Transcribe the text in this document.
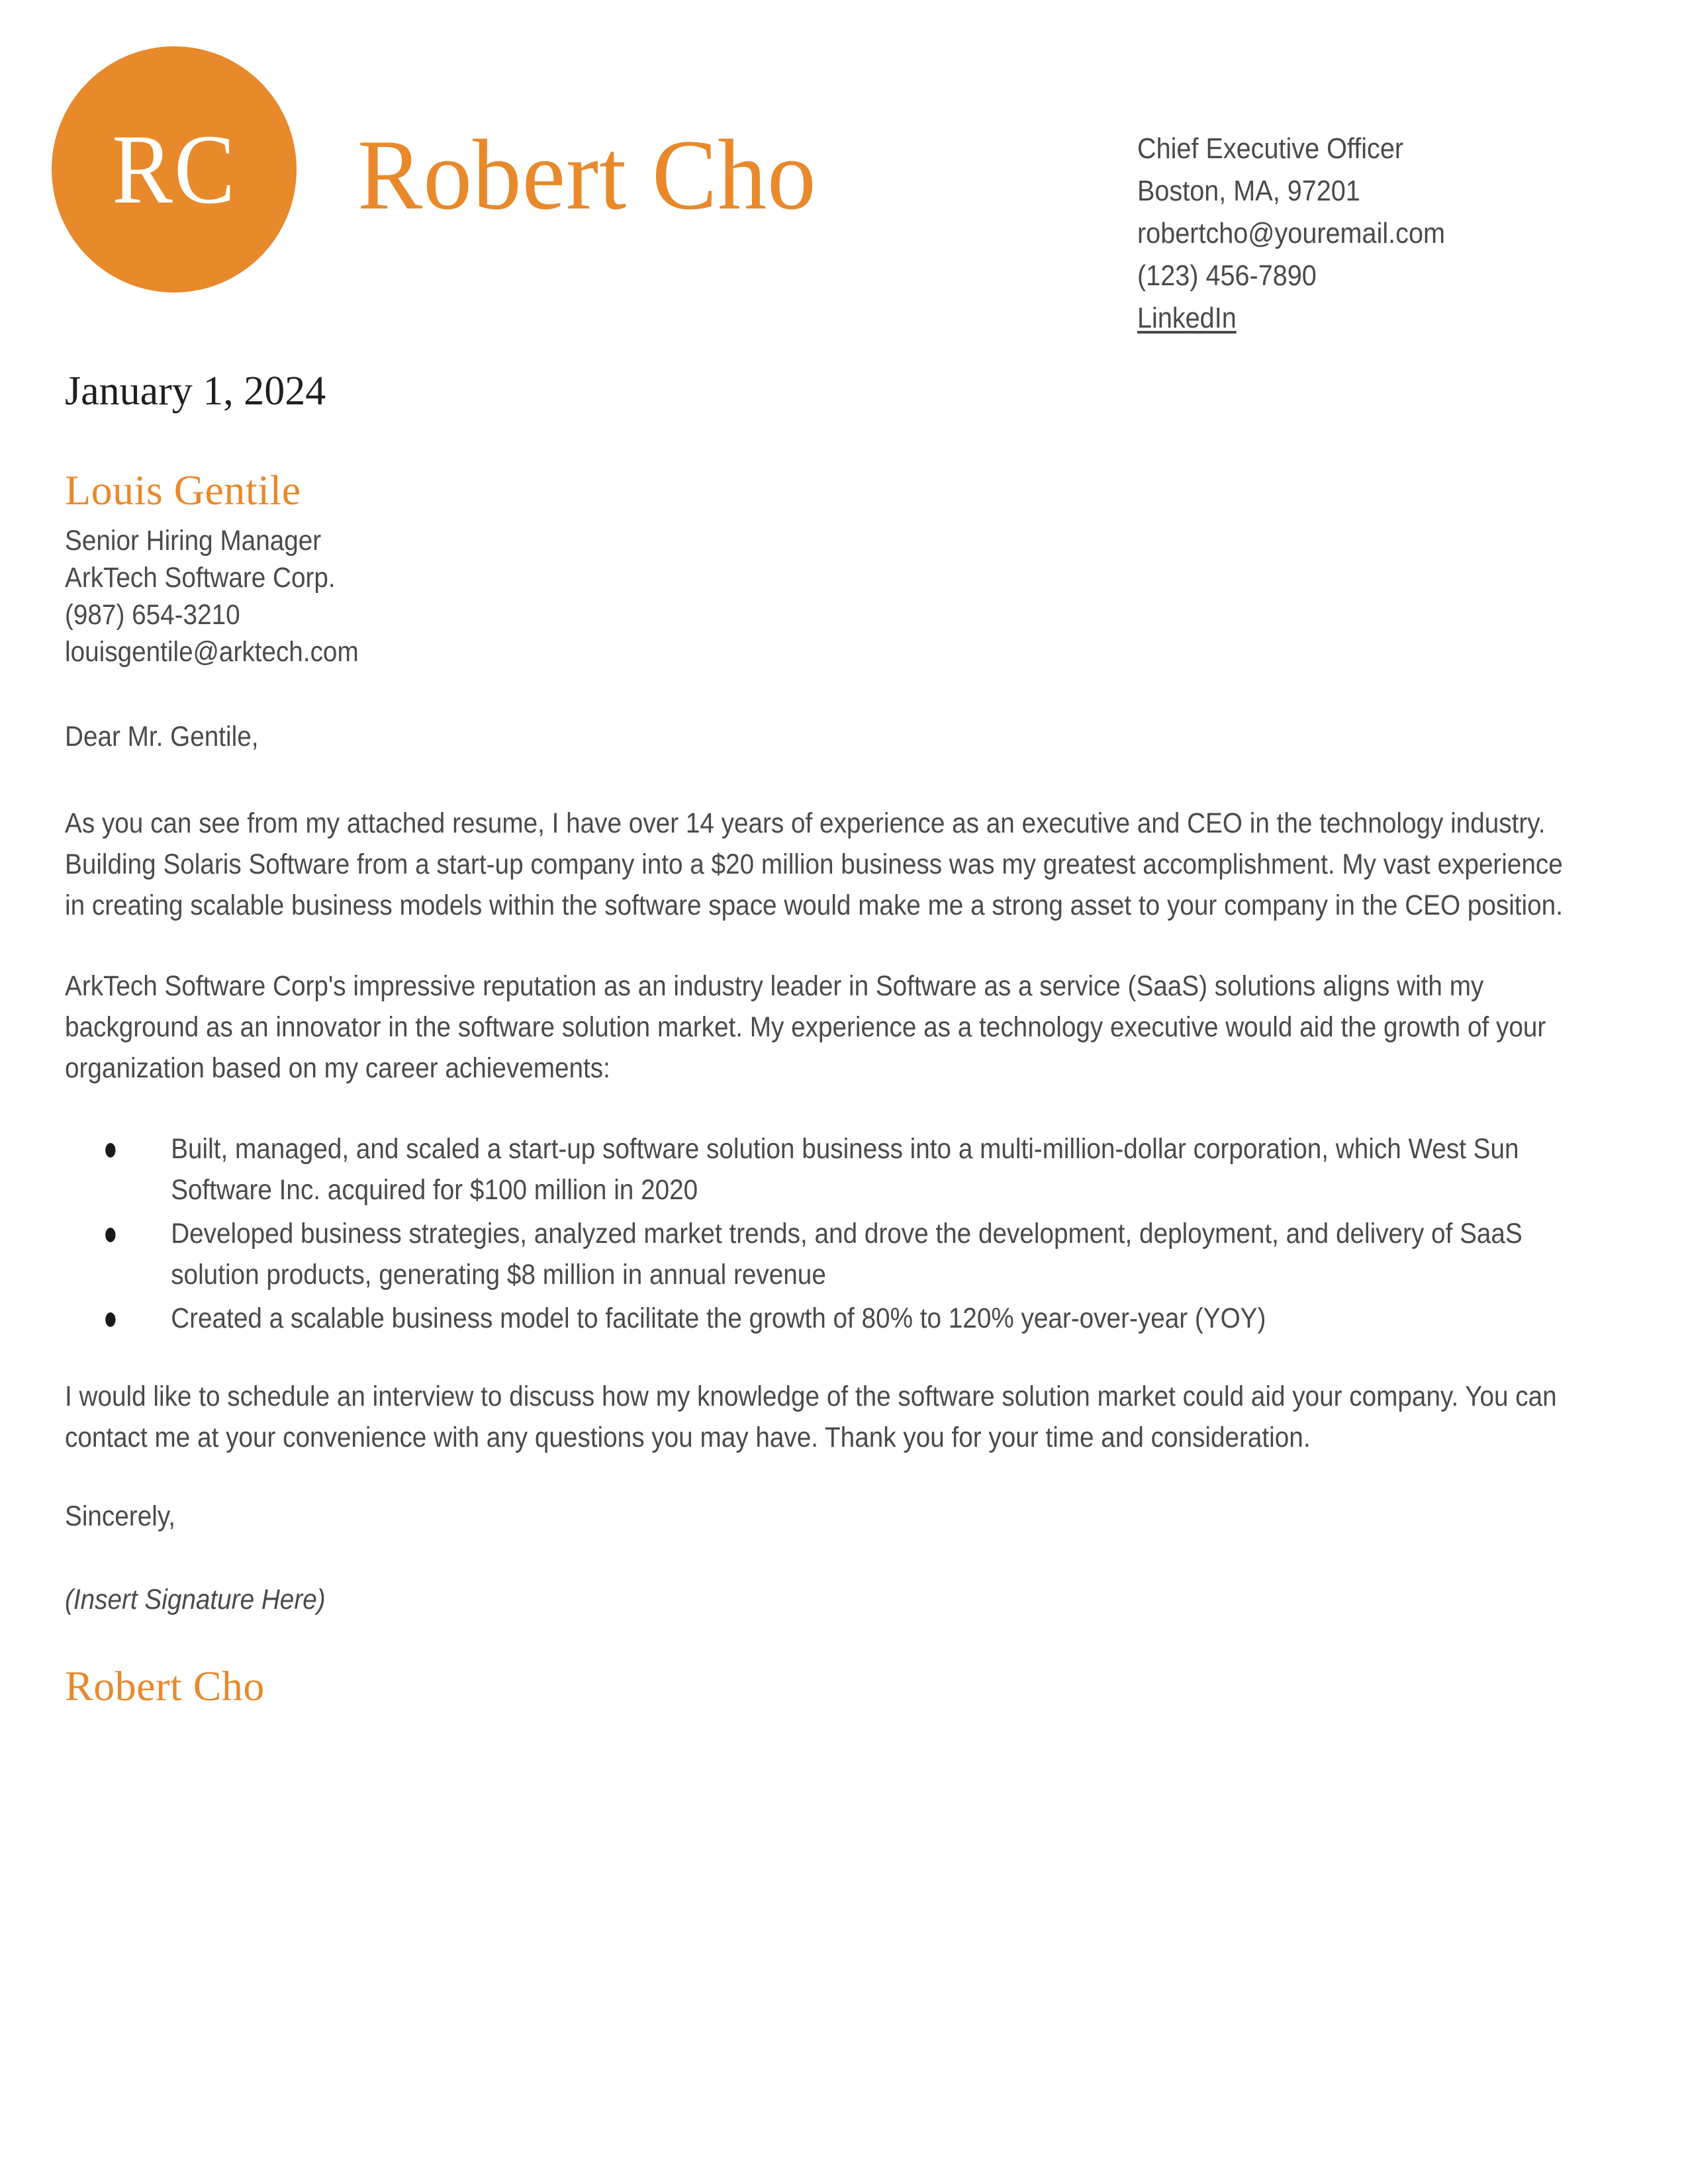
RC Robert Cho	Chief Executive Officer
Boston, MA, 97201
robertcho@youremail.com
(123) 456-7890
LinkedIn
January 1, 2024
Louis Gentile
Senior Hiring Manager
ArkTech Software Corp.
(987) 654-3210
louisgentile@arktech.com
Dear Mr. Gentile,

As you can see from my attached resume, I have over 14 years of experience as an executive and CEO in the technology industry. Building Solaris Software from a start-up company into a $20 million business was my greatest accomplishment. My vast experience in creating scalable business models within the software space would make me a strong asset to your company in the CEO position.

ArkTech Software Corp's impressive reputation as an industry leader in Software as a service (SaaS) solutions aligns with my background as an innovator in the software solution market. My experience as a technology executive would aid the growth of your organization based on my career achievements:

Built, managed, and scaled a start-up software solution business into a multi-million-dollar corporation, which West Sun Software Inc. acquired for $100 million in 2020
Developed business strategies, analyzed market trends, and drove the development, deployment, and delivery of SaaS solution products, generating $8 million in annual revenue
Created a scalable business model to facilitate the growth of 80% to 120% year-over-year (YOY)

I would like to schedule an interview to discuss how my knowledge of the software solution market could aid your company. You can contact me at your convenience with any questions you may have. Thank you for your time and consideration.

Sincerely,
(Insert Signature Here)
Robert Cho
